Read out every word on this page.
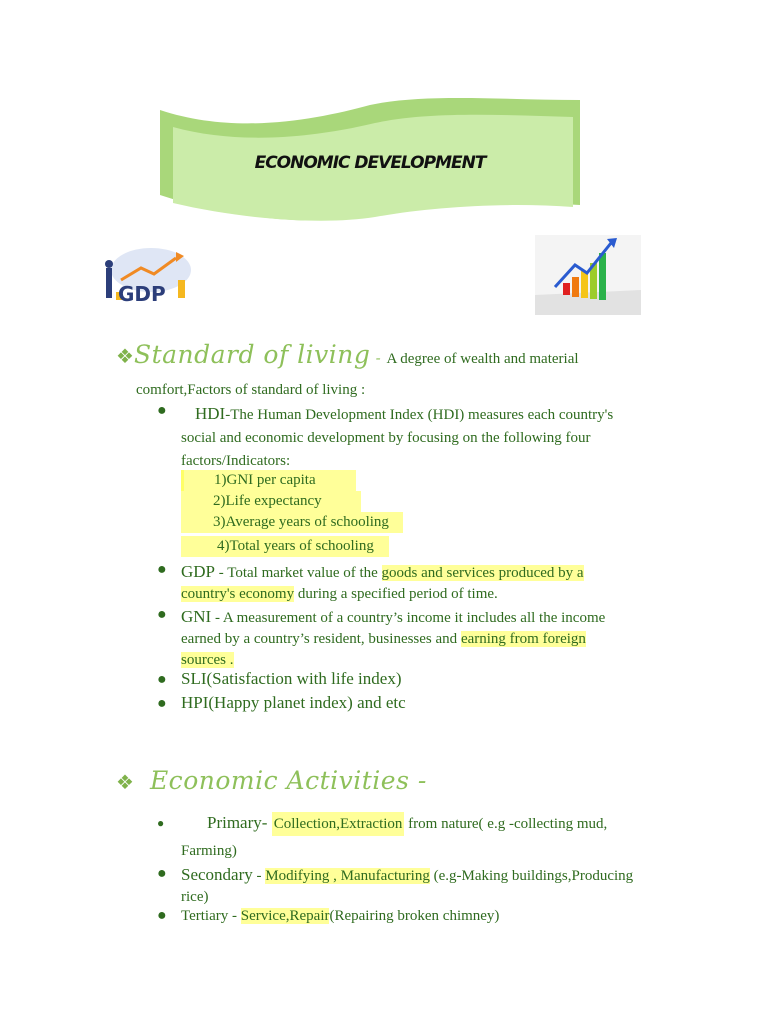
ECONOMIC DEVELOPMENT
GDP
❖Standard of living - A degree of wealth and material
comfort,Factors of standard of living :
●	HDI-The Human Development Index (HDI) measures each country's

social and economic development by focusing on the following four

factors/Indicators:

1)GNI per capita
2)Life expectancy
3)Average years of schooling
4)Total years of schooling
● GDP - Total market value of the goods and services produced by a

country's economy during a specified period of time.

● GNI - A measurement of a country’s income it includes all the income

earned by a country’s resident, businesses and earning from foreign

sources .

● SLI(Satisfaction with life index)
● HPI(Happy planet index) and etc
❖ Economic Activities -
●	Primary- Collection,Extraction from nature( e.g -collecting mud,

Farming)

● Secondary - Modifying , Manufacturing (e.g-Making buildings,Producing

rice)

● Tertiary - Service,Repair(Repairing broken chimney)
